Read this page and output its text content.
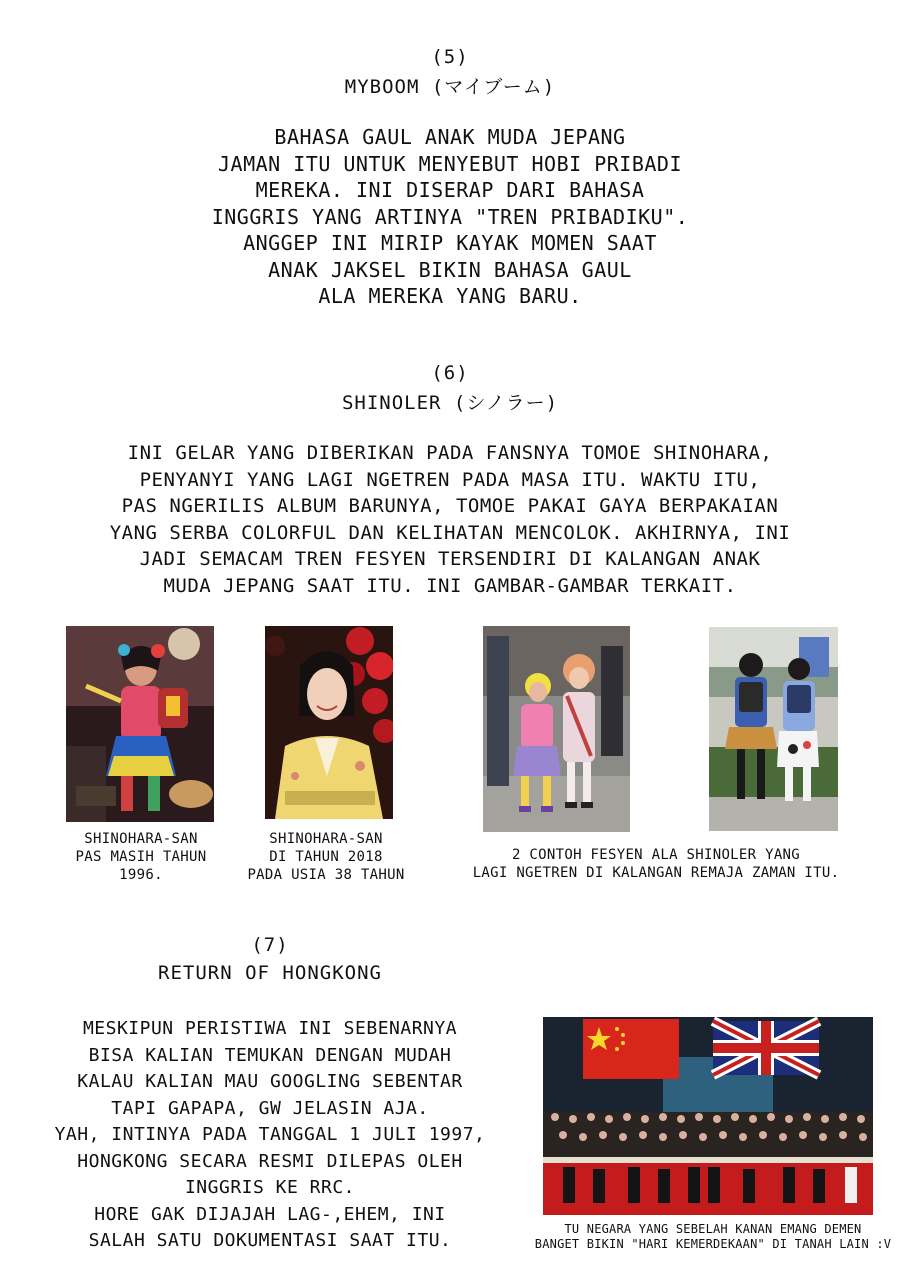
(5)
MYBOOM (マイブーム)
BAHASA GAUL ANAK MUDA JEPANG
JAMAN ITU UNTUK MENYEBUT HOBI PRIBADI
MEREKA. INI DISERAP DARI BAHASA
INGGRIS YANG ARTINYA "TREN PRIBADIKU".
ANGGEP INI MIRIP KAYAK MOMEN SAAT
ANAK JAKSEL BIKIN BAHASA GAUL
ALA MEREKA YANG BARU.
(6)
SHINOLER (シノラー)
INI GELAR YANG DIBERIKAN PADA FANSNYA TOMOE SHINOHARA,
PENYANYI YANG LAGI NGETREN PADA MASA ITU. WAKTU ITU,
PAS NGERILIS ALBUM BARUNYA, TOMOE PAKAI GAYA BERPAKAIAN
YANG SERBA COLORFUL DAN KELIHATAN MENCOLOK. AKHIRNYA, INI
JADI SEMACAM TREN FESYEN TERSENDIRI DI KALANGAN ANAK
MUDA JEPANG SAAT ITU. INI GAMBAR-GAMBAR TERKAIT.
SHINOHARA-SAN
PAS MASIH TAHUN
1996.
SHINOHARA-SAN
DI TAHUN 2018
PADA USIA 38 TAHUN
2 CONTOH FESYEN ALA SHINOLER YANG
LAGI NGETREN DI KALANGAN REMAJA ZAMAN ITU.
(7)
RETURN OF HONGKONG
MESKIPUN PERISTIWA INI SEBENARNYA
BISA KALIAN TEMUKAN DENGAN MUDAH
KALAU KALIAN MAU GOOGLING SEBENTAR
TAPI GAPAPA, GW JELASIN AJA.
YAH, INTINYA PADA TANGGAL 1 JULI 1997,
HONGKONG SECARA RESMI DILEPAS OLEH
INGGRIS KE RRC.
HORE GAK DIJAJAH LAG-,EHEM, INI
SALAH SATU DOKUMENTASI SAAT ITU.
TU NEGARA YANG SEBELAH KANAN EMANG DEMEN
BANGET BIKIN "HARI KEMERDEKAAN" DI TANAH LAIN :V
